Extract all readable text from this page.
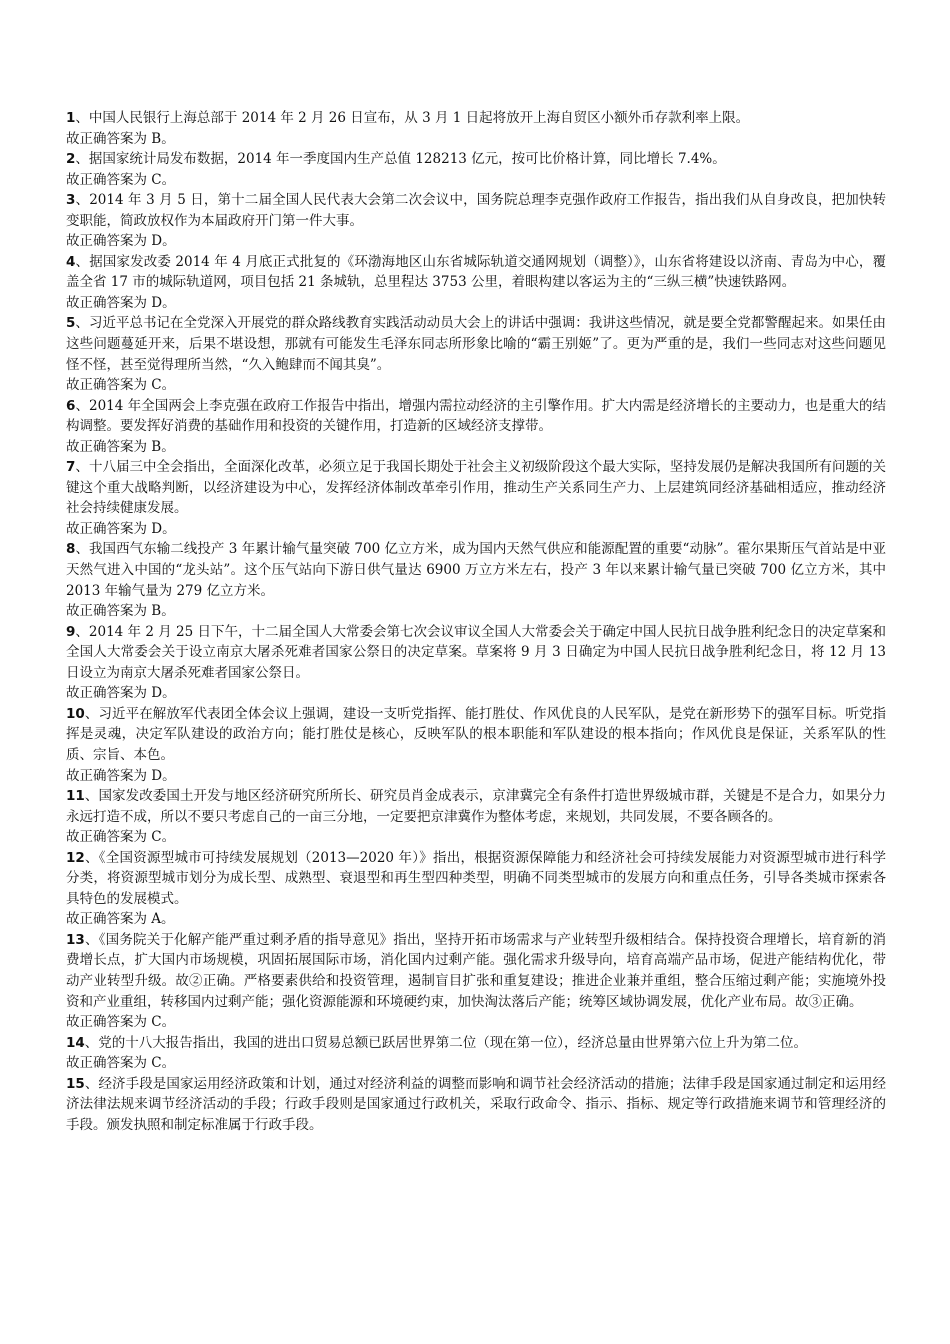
1、中国人民银行上海总部于 2014 年 2 月 26 日宣布，从 3 月 1 日起将放开上海自贸区小额外币存款利率上限。

故正确答案为 B。

2、据国家统计局发布数据，2014 年一季度国内生产总值 128213 亿元，按可比价格计算，同比增长 7.4%。

故正确答案为 C。

3、2014 年 3 月 5 日，第十二届全国人民代表大会第二次会议中，国务院总理李克强作政府工作报告，指出我们从自身改良，把加快转变职能，简政放权作为本届政府开门第一件大事。

故正确答案为 D。

4、据国家发改委 2014 年 4 月底正式批复的《环渤海地区山东省城际轨道交通网规划（调整）》，山东省将建设以济南、青岛为中心，覆盖全省 17 市的城际轨道网，项目包括 21 条城轨，总里程达 3753 公里，着眼构建以客运为主的“三纵三横”快速铁路网。

故正确答案为 D。

5、习近平总书记在全党深入开展党的群众路线教育实践活动动员大会上的讲话中强调：我讲这些情况，就是要全党都警醒起来。如果任由这些问题蔓延开来，后果不堪设想，那就有可能发生毛泽东同志所形象比喻的“霸王别姬”了。更为严重的是，我们一些同志对这些问题见怪不怪，甚至觉得理所当然，“久入鲍肆而不闻其臭”。

故正确答案为 C。

6、2014 年全国两会上李克强在政府工作报告中指出，增强内需拉动经济的主引擎作用。扩大内需是经济增长的主要动力，也是重大的结构调整。要发挥好消费的基础作用和投资的关键作用，打造新的区域经济支撑带。

故正确答案为 B。

7、十八届三中全会指出，全面深化改革，必须立足于我国长期处于社会主义初级阶段这个最大实际，坚持发展仍是解决我国所有问题的关键这个重大战略判断，以经济建设为中心，发挥经济体制改革牵引作用，推动生产关系同生产力、上层建筑同经济基础相适应，推动经济社会持续健康发展。

故正确答案为 D。

8、我国西气东输二线投产 3 年累计输气量突破 700 亿立方米，成为国内天然气供应和能源配置的重要“动脉”。霍尔果斯压气首站是中亚天然气进入中国的“龙头站”。这个压气站向下游日供气量达 6900 万立方米左右，投产 3 年以来累计输气量已突破 700 亿立方米，其中 2013 年输气量为 279 亿立方米。

故正确答案为 B。

9、2014 年 2 月 25 日下午，十二届全国人大常委会第七次会议审议全国人大常委会关于确定中国人民抗日战争胜利纪念日的决定草案和全国人大常委会关于设立南京大屠杀死难者国家公祭日的决定草案。草案将 9 月 3 日确定为中国人民抗日战争胜利纪念日，将 12 月 13 日设立为南京大屠杀死难者国家公祭日。

故正确答案为 D。

10、习近平在解放军代表团全体会议上强调，建设一支听党指挥、能打胜仗、作风优良的人民军队，是党在新形势下的强军目标。听党指挥是灵魂，决定军队建设的政治方向；能打胜仗是核心，反映军队的根本职能和军队建设的根本指向；作风优良是保证，关系军队的性质、宗旨、本色。

故正确答案为 D。

11、国家发改委国土开发与地区经济研究所所长、研究员肖金成表示，京津冀完全有条件打造世界级城市群，关键是不是合力，如果分力永远打造不成，所以不要只考虑自己的一亩三分地，一定要把京津冀作为整体考虑，来规划，共同发展，不要各顾各的。

故正确答案为 C。

12、《全国资源型城市可持续发展规划（2013—2020 年）》指出，根据资源保障能力和经济社会可持续发展能力对资源型城市进行科学分类，将资源型城市划分为成长型、成熟型、衰退型和再生型四种类型，明确不同类型城市的发展方向和重点任务，引导各类城市探索各具特色的发展模式。

故正确答案为 A。

13、《国务院关于化解产能严重过剩矛盾的指导意见》指出，坚持开拓市场需求与产业转型升级相结合。保持投资合理增长，培育新的消费增长点，扩大国内市场规模，巩固拓展国际市场，消化国内过剩产能。强化需求升级导向，培育高端产品市场，促进产能结构优化，带动产业转型升级。故②正确。严格要素供给和投资管理，遏制盲目扩张和重复建设；推进企业兼并重组，整合压缩过剩产能；实施境外投资和产业重组，转移国内过剩产能；强化资源能源和环境硬约束，加快淘汰落后产能；统筹区域协调发展，优化产业布局。故③正确。

故正确答案为 C。

14、党的十八大报告指出，我国的进出口贸易总额已跃居世界第二位（现在第一位），经济总量由世界第六位上升为第二位。

故正确答案为 C。

15、经济手段是国家运用经济政策和计划，通过对经济利益的调整而影响和调节社会经济活动的措施；法律手段是国家通过制定和运用经济法律法规来调节经济活动的手段；行政手段则是国家通过行政机关，采取行政命令、指示、指标、规定等行政措施来调节和管理经济的手段。颁发执照和制定标准属于行政手段。
